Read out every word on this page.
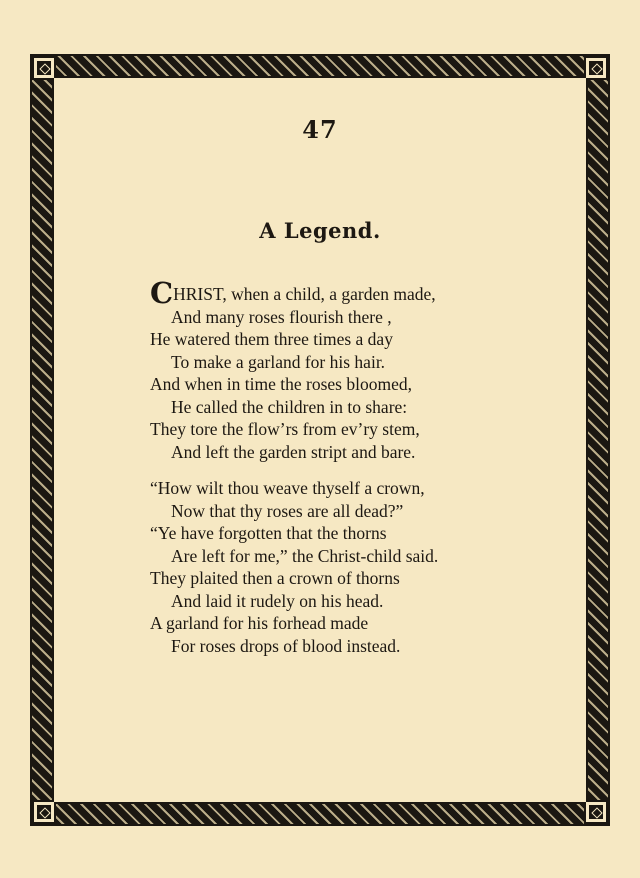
47
A Legend.
CHRIST, when a child, a garden made,
And many roses flourish there ,
He watered them three times a day
To make a garland for his hair.
And when in time the roses bloomed,
He called the children in to share:
They tore the flow’rs from ev’ry stem,
And left the garden stript and bare.
“How wilt thou weave thyself a crown,
Now that thy roses are all dead?”
“Ye have forgotten that the thorns
Are left for me,” the Christ-child said.
They plaited then a crown of thorns
And laid it rudely on his head.
A garland for his forhead made
For roses drops of blood instead.
